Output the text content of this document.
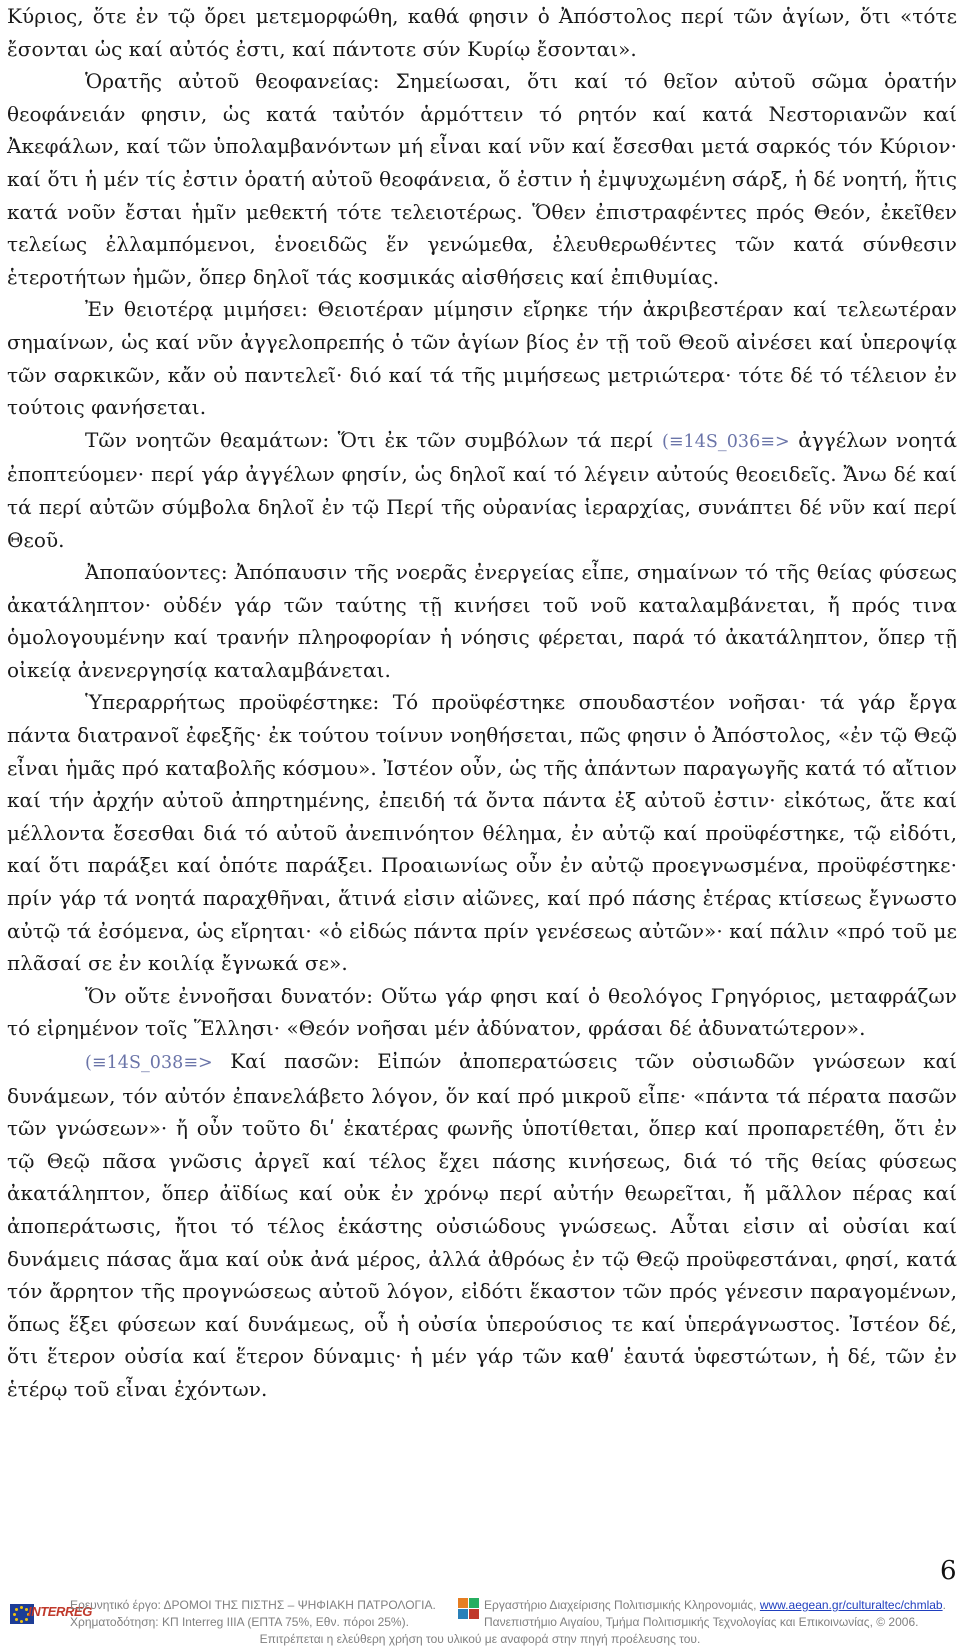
Κύριος, ὅτε ἐν τῷ ὄρει μετεμορφώθη, καθά φησιν ὁ Ἀπόστολος περί τῶν ἁγίων, ὅτι «τότε ἔσονται ὡς καί αὐτός ἐστι, καί πάντοτε σύν Κυρίῳ ἔσονται».

Ὁρατῆς αὐτοῦ θεοφανείας: Σημείωσαι, ὅτι καί τό θεῖον αὐτοῦ σῶμα ὁρατήν θεοφάνειάν φησιν, ὡς κατά ταὐτόν ἁρμόττειν τό ρητόν καί κατά Νεστοριανῶν καί Ἀκεφάλων, καί τῶν ὑπολαμβανόντων μή εἶναι καί νῦν καί ἔσεσθαι μετά σαρκός τόν Κύριον· καί ὅτι ἡ μέν τίς ἐστιν ὁρατή αὐτοῦ θεοφάνεια, ὅ ἐστιν ἡ ἐμψυχωμένη σάρξ, ἡ δέ νοητή, ἥτις κατά νοῦν ἔσται ἡμῖν μεθεκτή τότε τελειοτέρως. Ὅθεν ἐπιστραφέντες πρός Θεόν, ἐκεῖθεν τελείως ἐλλαμπόμενοι, ἑνοειδῶς ἕν γενώμεθα, ἐλευθερωθέντες τῶν κατά σύνθεσιν ἑτεροτήτων ἡμῶν, ὅπερ δηλοῖ τάς κοσμικάς αἰσθήσεις καί ἐπιθυμίας.

Ἐν θειοτέρᾳ μιμήσει: Θειοτέραν μίμησιν εἴρηκε τήν ἀκριβεστέραν καί τελεωτέραν σημαίνων, ὡς καί νῦν ἀγγελοπρεπής ὁ τῶν ἁγίων βίος ἐν τῇ τοῦ Θεοῦ αἰνέσει καί ὑπεροψίᾳ τῶν σαρκικῶν, κἄν οὐ παντελεῖ· διό καί τά τῆς μιμήσεως μετριώτερα· τότε δέ τό τέλειον ἐν τούτοις φανήσεται.

Τῶν νοητῶν θεαμάτων: Ὅτι ἐκ τῶν συμβόλων τά περί (≡14S_036≡> ἀγγέλων νοητά ἐποπτεύομεν· περί γάρ ἀγγέλων φησίν, ὡς δηλοῖ καί τό λέγειν αὐτούς θεοειδεῖς. Ἄνω δέ καί τά περί αὐτῶν σύμβολα δηλοῖ ἐν τῷ Περί τῆς οὐρανίας ἱεραρχίας, συνάπτει δέ νῦν καί περί Θεοῦ.

Ἀποπαύοντες: Ἀπόπαυσιν τῆς νοερᾶς ἐνεργείας εἶπε, σημαίνων τό τῆς θείας φύσεως ἀκατάληπτον· οὐδέν γάρ τῶν ταύτης τῇ κινήσει τοῦ νοῦ καταλαμβάνεται, ἤ πρός τινα ὁμολογουμένην καί τρανήν πληροφορίαν ἡ νόησις φέρεται, παρά τό ἀκατάληπτον, ὅπερ τῇ οἰκείᾳ ἀνενεργησίᾳ καταλαμβάνεται.

Ὑπεραρρήτως προϋφέστηκε: Τό προϋφέστηκε σπουδαστέον νοῆσαι· τά γάρ ἔργα πάντα διατρανοῖ ἐφεξῆς· ἐκ τούτου τοίνυν νοηθήσεται, πῶς φησιν ὁ Ἀπόστολος, «ἐν τῷ Θεῷ εἶναι ἡμᾶς πρό καταβολῆς κόσμου». Ἰστέον οὖν, ὡς τῆς ἁπάντων παραγωγῆς κατά τό αἴτιον καί τήν ἀρχήν αὐτοῦ ἀπηρτημένης, ἐπειδή τά ὄντα πάντα ἐξ αὐτοῦ ἐστιν· εἰκότως, ἅτε καί μέλλοντα ἔσεσθαι διά τό αὐτοῦ ἀνεπινόητον θέλημα, ἐν αὐτῷ καί προϋφέστηκε, τῷ εἰδότι, καί ὅτι παράξει καί ὁπότε παράξει. Προαιωνίως οὖν ἐν αὐτῷ προεγνωσμένα, προϋφέστηκε· πρίν γάρ τά νοητά παραχθῆναι, ἅτινά εἰσιν αἰῶνες, καί πρό πάσης ἑτέρας κτίσεως ἔγνωστο αὐτῷ τά ἐσόμενα, ὡς εἴρηται· «ὁ εἰδώς πάντα πρίν γενέσεως αὐτῶν»· καί πάλιν «πρό τοῦ με πλᾶσαί σε ἐν κοιλίᾳ ἔγνωκά σε».

Ὅν οὔτε ἐννοῆσαι δυνατόν: Οὕτω γάρ φησι καί ὁ θεολόγος Γρηγόριος, μεταφράζων τό εἰρημένον τοῖς Ἕλλησι· «Θεόν νοῆσαι μέν ἀδύνατον, φράσαι δέ ἀδυνατώτερον».

(≡14S_038≡> Καί πασῶν: Εἰπών ἀποπερατώσεις τῶν οὐσιωδῶν γνώσεων καί δυνάμεων, τόν αὐτόν ἐπανελάβετο λόγον, ὅν καί πρό μικροῦ εἶπε· «πάντα τά πέρατα πασῶν τῶν γνώσεων»· ἤ οὖν τοῦτο διʹ ἑκατέρας φωνῆς ὑποτίθεται, ὅπερ καί προπαρετέθη, ὅτι ἐν τῷ Θεῷ πᾶσα γνῶσις ἀργεῖ καί τέλος ἔχει πάσης κινήσεως, διά τό τῆς θείας φύσεως ἀκατάληπτον, ὅπερ ἀϊδίως καί οὐκ ἐν χρόνῳ περί αὐτήν θεωρεῖται, ἤ μᾶλλον πέρας καί ἀποπεράτωσις, ἤτοι τό τέλος ἑκάστης οὐσιώδους γνώσεως. Αὗται εἰσιν αἱ οὐσίαι καί δυνάμεις πάσας ἅμα καί οὐκ ἀνά μέρος, ἀλλά ἀθρόως ἐν τῷ Θεῷ προϋφεστάναι, φησί, κατά τόν ἄρρητον τῆς προγνώσεως αὐτοῦ λόγον, εἰδότι ἕκαστον τῶν πρός γένεσιν παραγομένων, ὅπως ἕξει φύσεων καί δυνάμεως, οὗ ἡ οὐσία ὑπερούσιος τε καί ὑπεράγνωστος. Ἰστέον δέ, ὅτι ἕτερον οὐσία καί ἕτερον δύναμις· ἡ μέν γάρ τῶν καθʹ ἑαυτά ὑφεστώτων, ἡ δέ, τῶν ἐν ἑτέρῳ τοῦ εἶναι ἐχόντων.

6
INTERREG
Ερευνητικό έργο: ΔΡΟΜΟΙ ΤΗΣ ΠΙΣΤΗΣ – ΨΗΦΙΑΚΗ ΠΑΤΡΟΛΟΓΙΑ.
Χρηματοδότηση: ΚΠ Interreg IIIA (ΕΠΤΑ 75%, Εθν. πόροι 25%).
Εργαστήριο Διαχείρισης Πολιτισμικής Κληρονομιάς, www.aegean.gr/culturaltec/chmlab.
Πανεπιστήμιο Αιγαίου, Τμήμα Πολιτισμικής Τεχνολογίας και Επικοινωνίας, © 2006.
Επιτρέπεται η ελεύθερη χρήση του υλικού με αναφορά στην πηγή προέλευσης του.
